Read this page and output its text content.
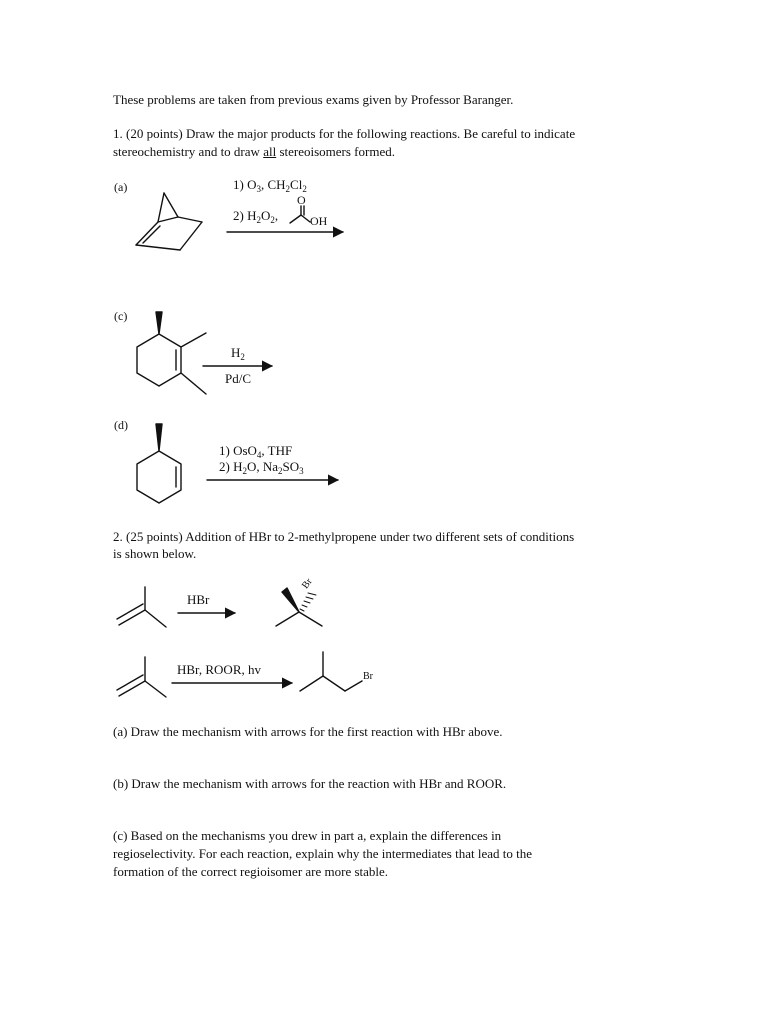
These problems are taken from previous exams given by Professor Baranger.
1. (20 points) Draw the major products for the following reactions. Be careful to indicate
stereochemistry and to draw all stereoisomers formed.
(a)	1) $O_3$, $CH_2Cl_2$
2) $H_2O_2$,
O
OH
(c)
$H_2$
Pd/C
(d)
1) OsO$_4$, THF
2) $H_2O$, $Na_2SO_3$
2. (25 points) Addition of HBr to 2-methylpropene under two different sets of conditions
is shown below.
HBr
Br
HBr, ROOR, hv	Br
(a) Draw the mechanism with arrows for the first reaction with HBr above.
(b) Draw the mechanism with arrows for the reaction with HBr and ROOR.
(c) Based on the mechanisms you drew in part a, explain the differences in
regioselectivity. For each reaction, explain why the intermediates that lead to the
formation of the correct regioisomer are more stable.
